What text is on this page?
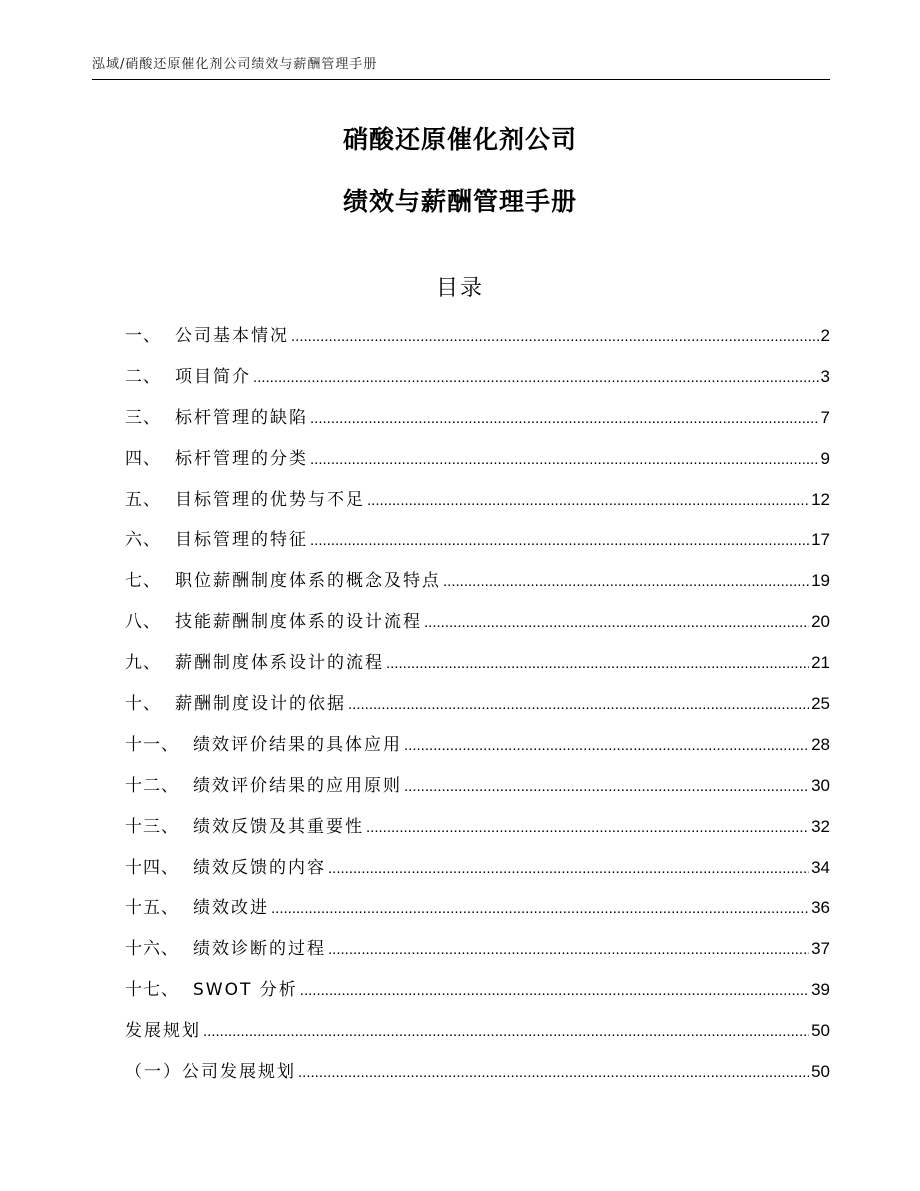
泓域/硝酸还原催化剂公司绩效与薪酬管理手册
硝酸还原催化剂公司
绩效与薪酬管理手册
目录
一、 公司基本情况 .....	2
二、 项目简介 .....	3
三、 标杆管理的缺陷 .....	7
四、 标杆管理的分类 .....	9
五、 目标管理的优势与不足 .....	12
六、 目标管理的特征 .....	17
七、 职位薪酬制度体系的概念及特点 .....	19
八、 技能薪酬制度体系的设计流程 .....	20
九、 薪酬制度体系设计的流程 .....	21
十、 薪酬制度设计的依据 .....	25
十一、 绩效评价结果的具体应用 .....	28
十二、 绩效评价结果的应用原则 .....	30
十三、 绩效反馈及其重要性 .....	32
十四、 绩效反馈的内容 .....	34
十五、 绩效改进 .....	36
十六、 绩效诊断的过程 .....	37
十七、 SWOT 分析 .....	39
发展规划 .....	50
（一）公司发展规划 .....	50
